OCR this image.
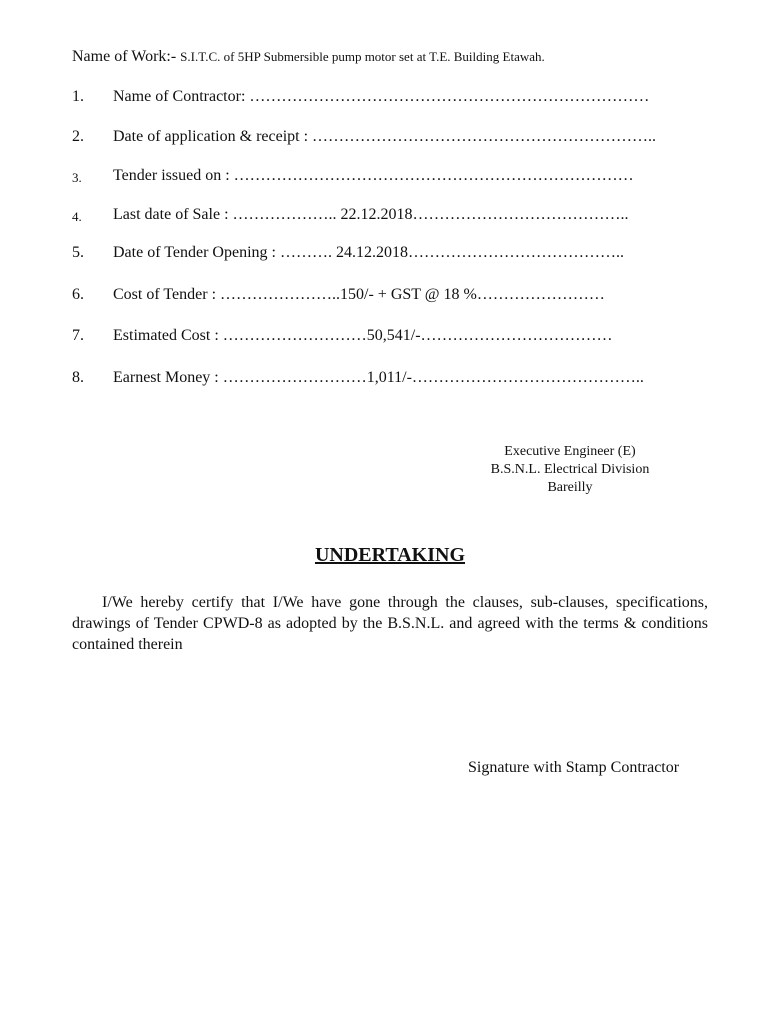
Name of Work:- S.I.T.C. of 5HP Submersible pump motor set at T.E. Building Etawah.
1. Name of Contractor: …………………………………………………………………
2. Date of application & receipt : ………………………………………………………..
3. Tender issued on : …………………………………………………………………
4. Last date of Sale : ……………….. 22.12.2018…………………………………..
5. Date of Tender Opening : ………. 24.12.2018…………………………………..
6. Cost of Tender : …………………..150/- + GST @ 18 %……………………
7. Estimated Cost : ………………………50,541/-………………………………
8. Earnest Money : ………………………1,011/-……………………………………..
Executive Engineer (E)
B.S.N.L. Electrical Division
Bareilly
UNDERTAKING
I/We hereby certify that I/We have gone through the clauses, sub-clauses, specifications, drawings of Tender CPWD-8 as adopted by the B.S.N.L. and agreed with the terms & conditions contained therein
Signature with Stamp Contractor
